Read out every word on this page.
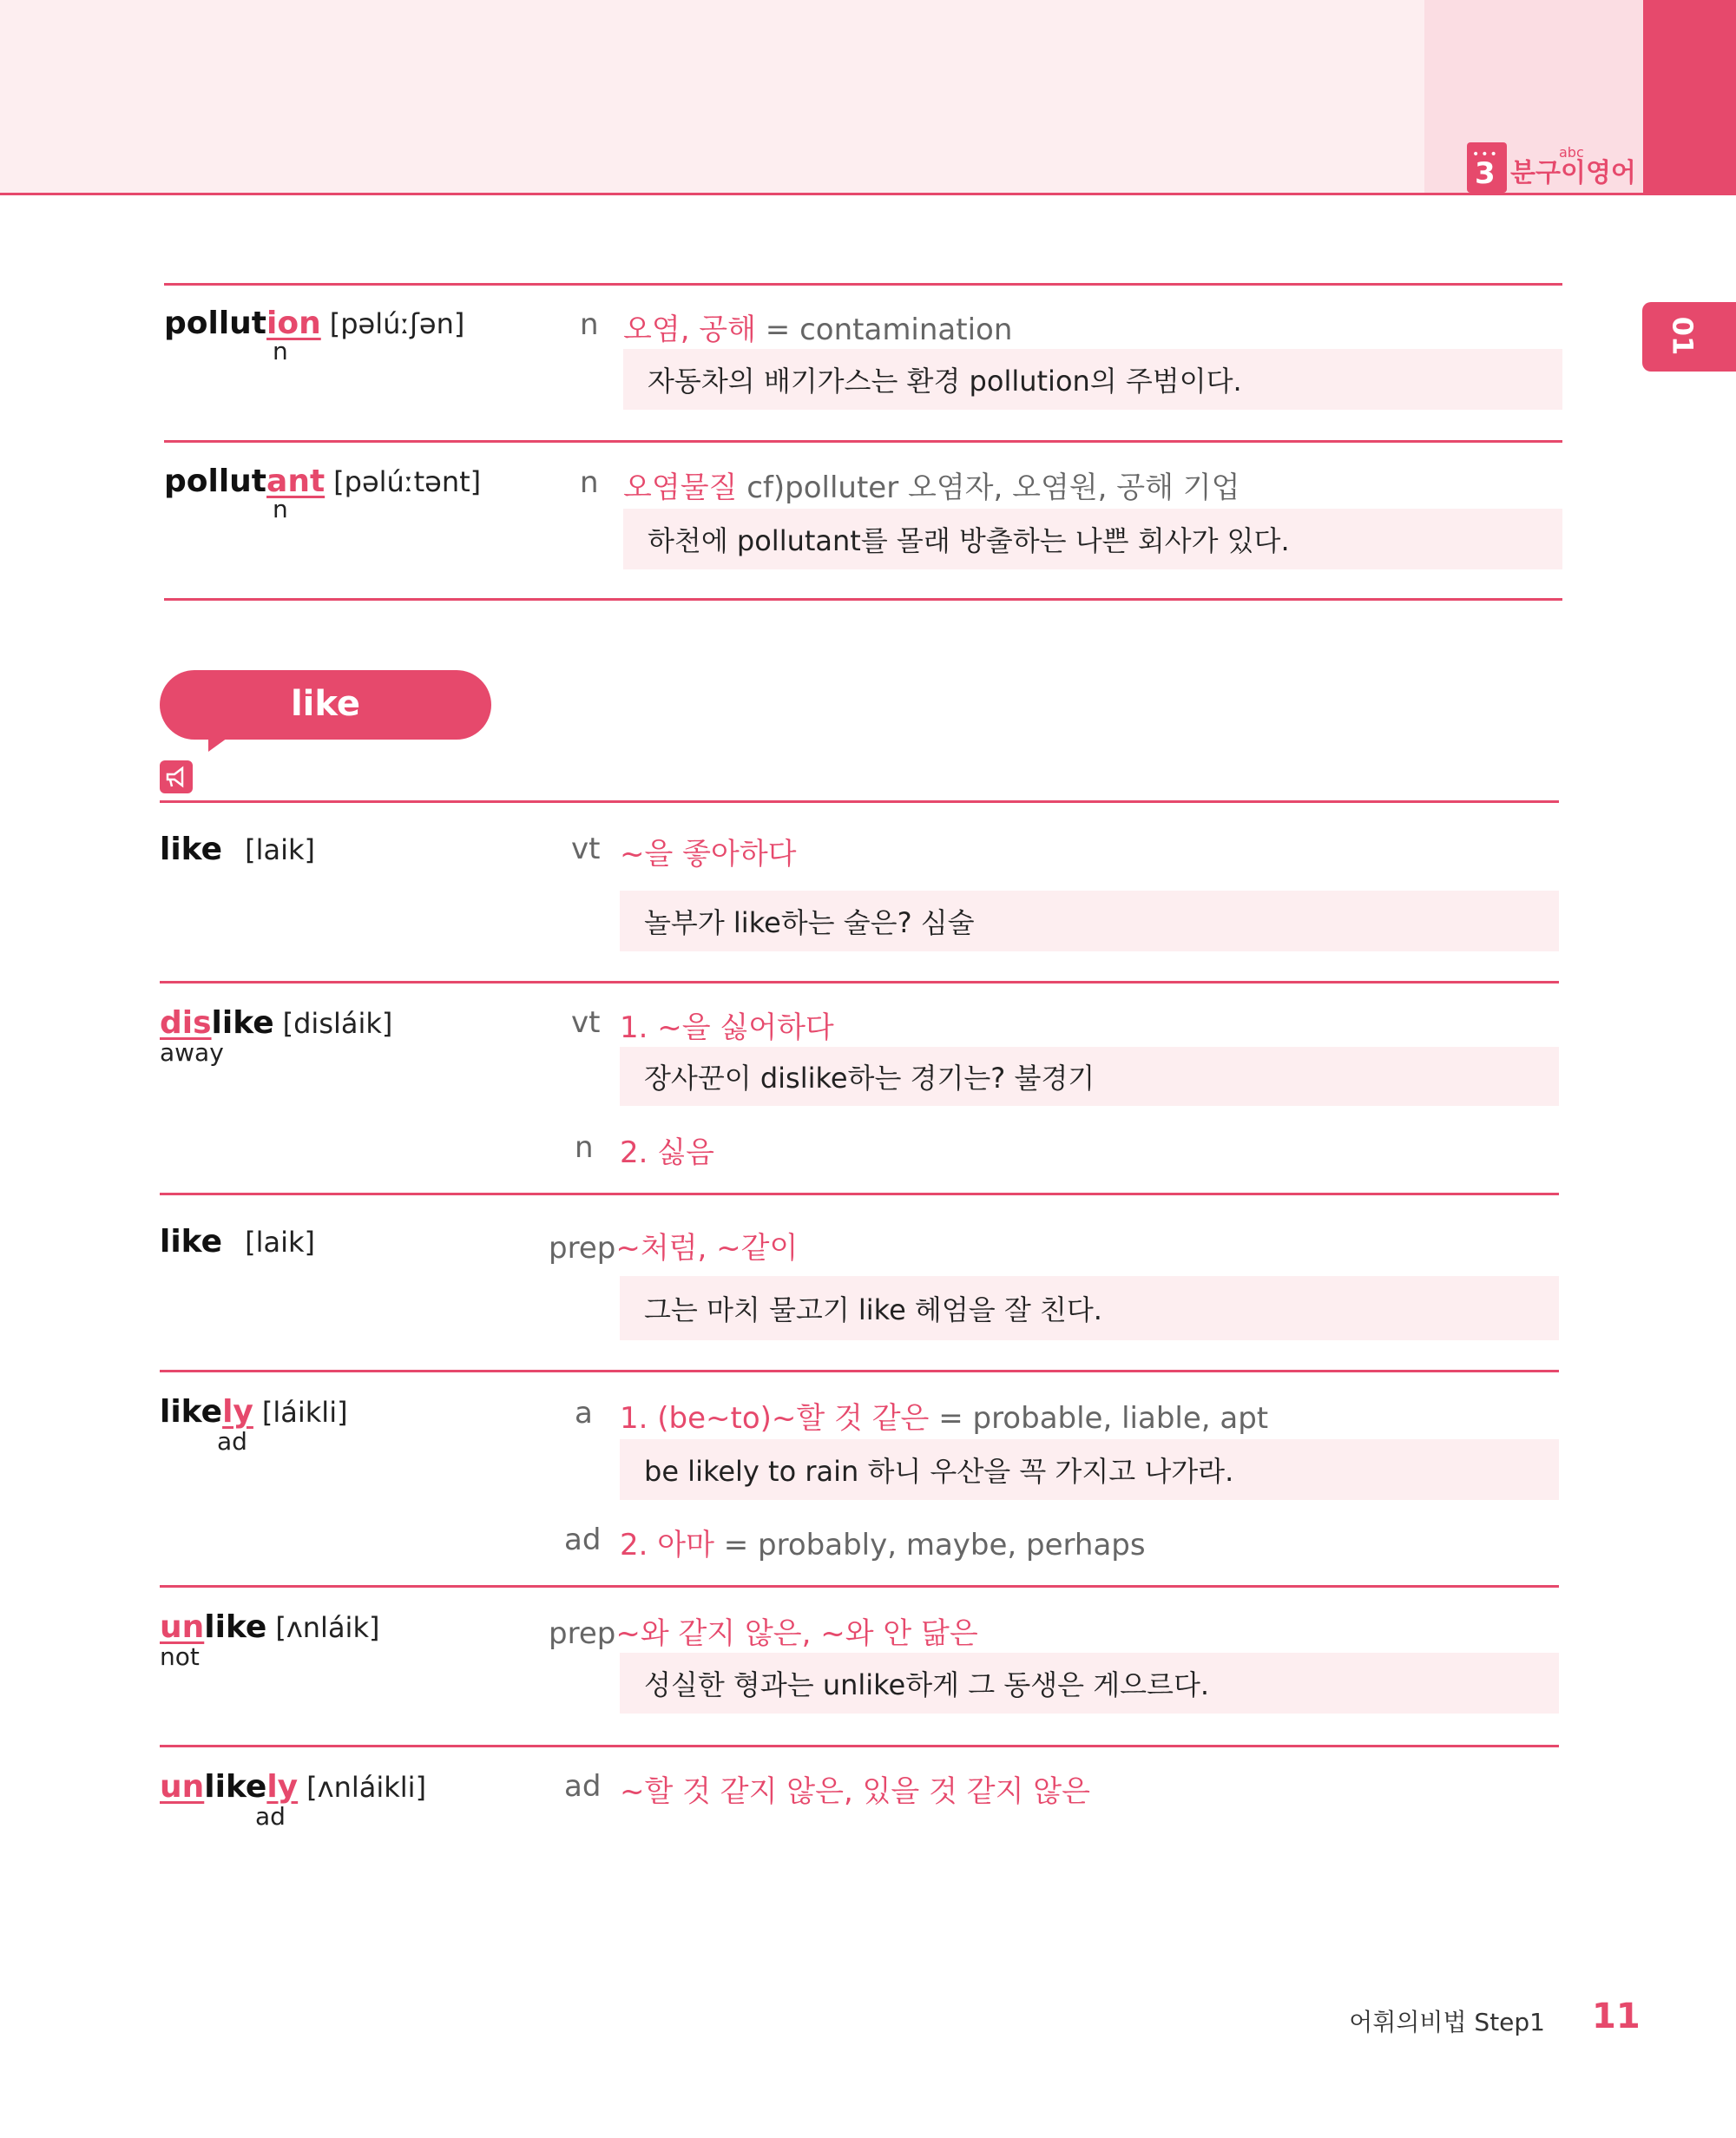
•••
3 분구이영어
abc
01
pollution [pəlúːʃən]
n
n 오염, 공해 = contamination
자동차의 배기가스는 환경 pollution의 주범이다.
pollutant [pəlúːtənt]
n
n 오염물질 cf)polluter 오염자, 오염원, 공해 기업
하천에 pollutant를 몰래 방출하는 나쁜 회사가 있다.
like
like [laik]	vt ~을 좋아하다
놀부가 like하는 술은? 심술
dislike [disláik]
away
vt 1. ~을 싫어하다
장사꾼이 dislike하는 경기는? 불경기
n 2. 싫음
like [laik]	prep~처럼, ~같이
그는 마치 물고기 like 헤엄을 잘 친다.
likely [láikli]
ad
a 1. (be~to)~할 것 같은 = probable, liable, apt
be likely to rain 하니 우산을 꼭 가지고 나가라.
ad 2. 아마 = probably, maybe, perhaps
unlike [ʌnláik]
not
prep~와 같지 않은, ~와 안 닮은
성실한 형과는 unlike하게 그 동생은 게으르다.
unlikely [ʌnláikli]
ad
ad ~할 것 같지 않은, 있을 것 같지 않은
어휘의비법 Step1 11
